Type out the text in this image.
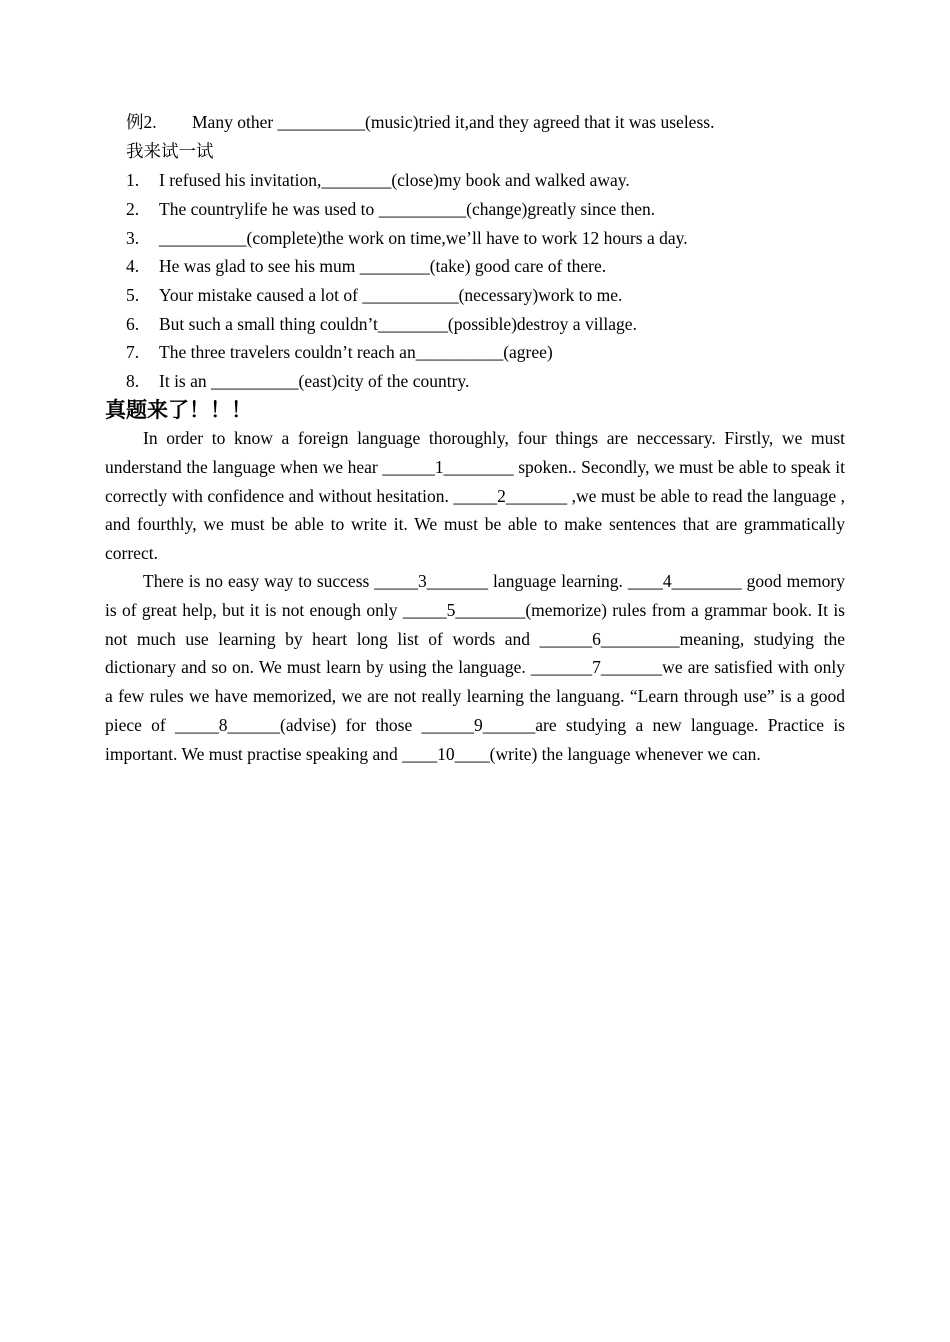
例2. Many other __________(music)tried it,and they agreed that it was useless.
我来试一试
1. I refused his invitation,________(close)my book and walked away.
2. The countrylife he was used to __________(change)greatly since then.
3. __________(complete)the work on time,we’ll have to work 12 hours a day.
4. He was glad to see his mum ________(take) good care of there.
5. Your mistake caused a lot of ___________(necessary)work to me.
6. But such a small thing couldn’t________(possible)destroy a village.
7. The three travelers couldn’t reach an__________(agree)
8. It is an __________(east)city of the country.
真题来了！！！

In order to know a foreign language thoroughly, four things are neccessary. Firstly, we must understand the language when we hear ______1________ spoken.. Secondly, we must be able to speak it correctly with confidence and without hesitation. _____2_______ ,we must be able to read the language , and fourthly, we must be able to write it. We must be able to make sentences that are grammatically correct.

There is no easy way to success _____3_______ language learning. ____4________ good memory is of great help, but it is not enough only _____5________(memorize) rules from a grammar book. It is not much use learning by heart long list of words and ______6_________meaning, studying the dictionary and so on. We must learn by using the language. _______7_______we are satisfied with only a few rules we have memorized, we are not really learning the languang. “Learn through use” is a good piece of _____8______(advise) for those ______9______are studying a new language. Practice is important. We must practise speaking and ____10____(write) the language whenever we can.
